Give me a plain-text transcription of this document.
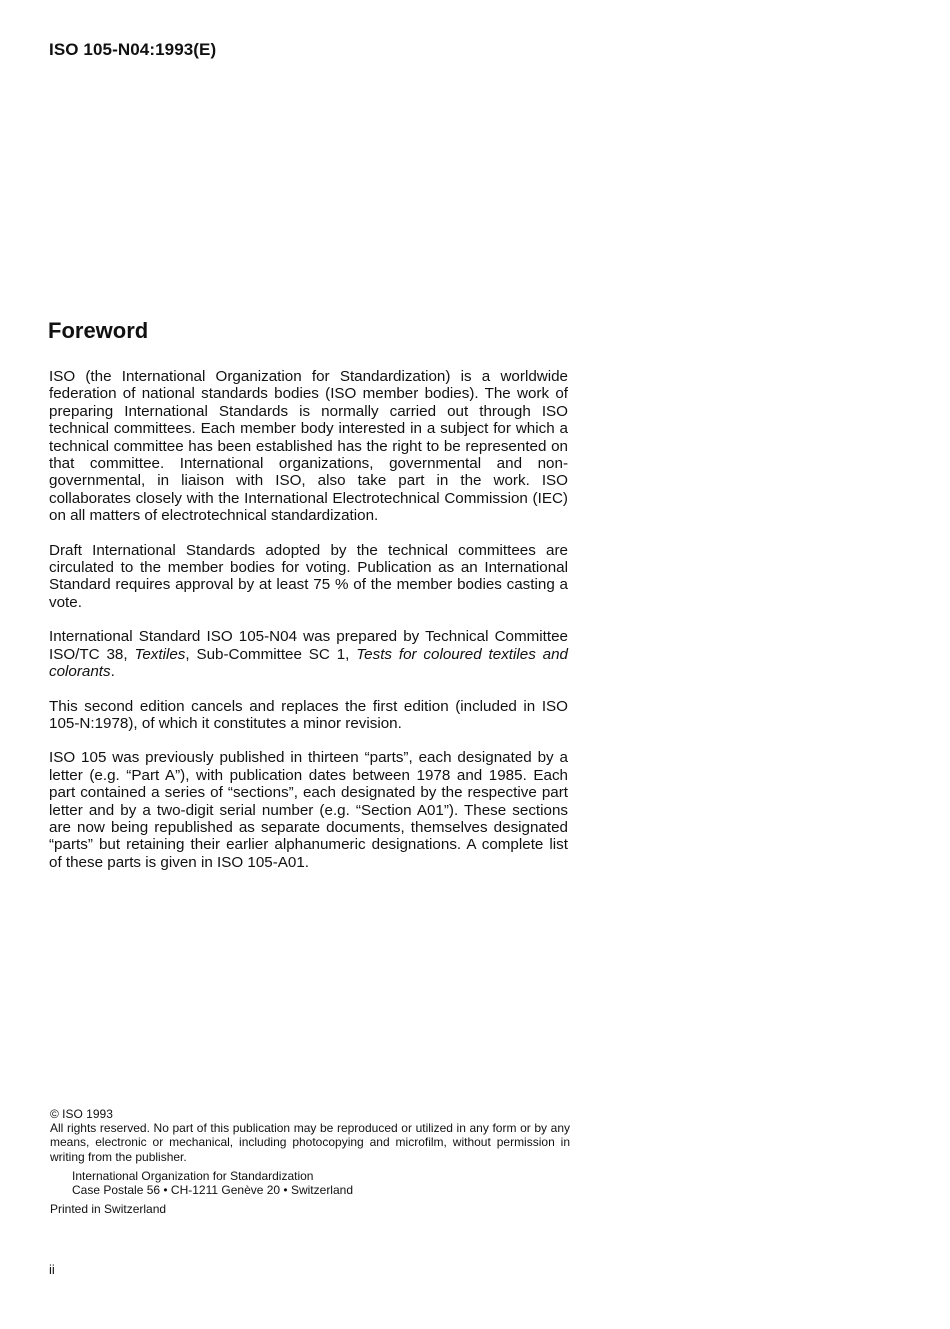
ISO 105-N04:1993(E)
Foreword

ISO (the International Organization for Standardization) is a worldwide federation of national standards bodies (ISO member bodies). The work of preparing International Standards is normally carried out through ISO technical committees. Each member body interested in a subject for which a technical committee has been established has the right to be represented on that committee. International organizations, governmental and non-governmental, in liaison with ISO, also take part in the work. ISO collaborates closely with the International Electrotechnical Commission (IEC) on all matters of electrotechnical standardization.

Draft International Standards adopted by the technical committees are circulated to the member bodies for voting. Publication as an International Standard requires approval by at least 75 % of the member bodies casting a vote.

International Standard ISO 105-N04 was prepared by Technical Committee ISO/TC 38, Textiles, Sub-Committee SC 1, Tests for coloured textiles and colorants.

This second edition cancels and replaces the first edition (included in ISO 105-N:1978), of which it constitutes a minor revision.

ISO 105 was previously published in thirteen “parts”, each designated by a letter (e.g. “Part A”), with publication dates between 1978 and 1985. Each part contained a series of “sections”, each designated by the respective part letter and by a two-digit serial number (e.g. “Section A01”). These sections are now being republished as separate documents, themselves designated “parts” but retaining their earlier alphanumeric designations. A complete list of these parts is given in ISO 105-A01.

© ISO 1993

All rights reserved. No part of this publication may be reproduced or utilized in any form or by any means, electronic or mechanical, including photocopying and microfilm, without permission in writing from the publisher.

International Organization for Standardization

Case Postale 56 • CH-1211 Genève 20 • Switzerland

Printed in Switzerland

ii
